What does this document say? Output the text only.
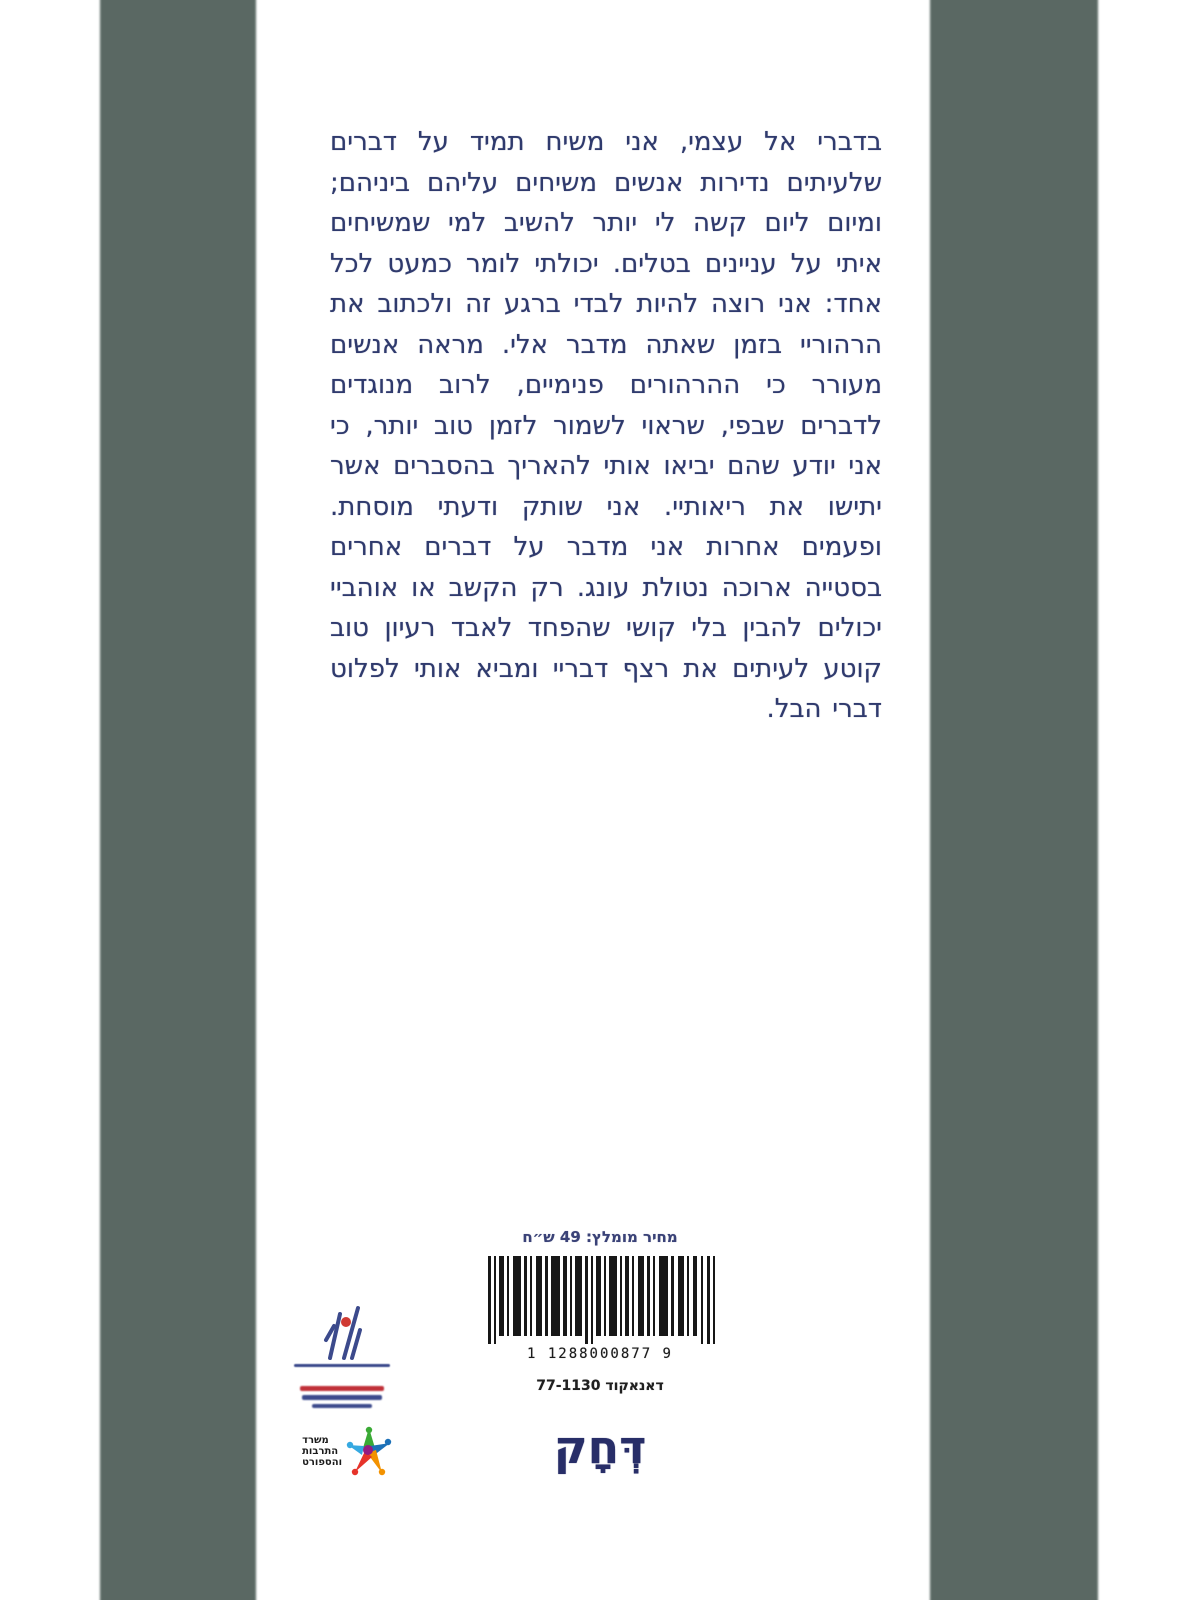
בדברי אל עצמי, אני משיח תמיד על דברים שלעיתים נדירות אנשים משיחים עליהם ביניהם; ומיום ליום קשה לי יותר להשיב למי שמשיחים איתי על עניינים בטלים. יכולתי לומר כמעט לכל אחד: אני רוצה להיות לבדי ברגע זה ולכתוב את הרהוריי בזמן שאתה מדבר אלי. מראה אנשים מעורר כי ההרהורים פנימיים, לרוב מנוגדים לדברים שבפי, שראוי לשמור לזמן טוב יותר, כי אני יודע שהם יביאו אותי להאריך בהסברים אשר יתישו את ריאותיי. אני שותק ודעתי מוסחת. ופעמים אחרות אני מדבר על דברים אחרים בסטייה ארוכה נטולת עונג. רק הקשב או אוהביי יכולים להבין בלי קושי שהפחד לאבד רעיון טוב קוטע לעיתים את רצף דבריי ומביא אותי לפלוט דברי הבל.
מחיר מומלץ: 49 ש״ח
1 1288000877 9
דאנאקוד 77-1130
משרד
התרבות
והספורט	דְּחָק
